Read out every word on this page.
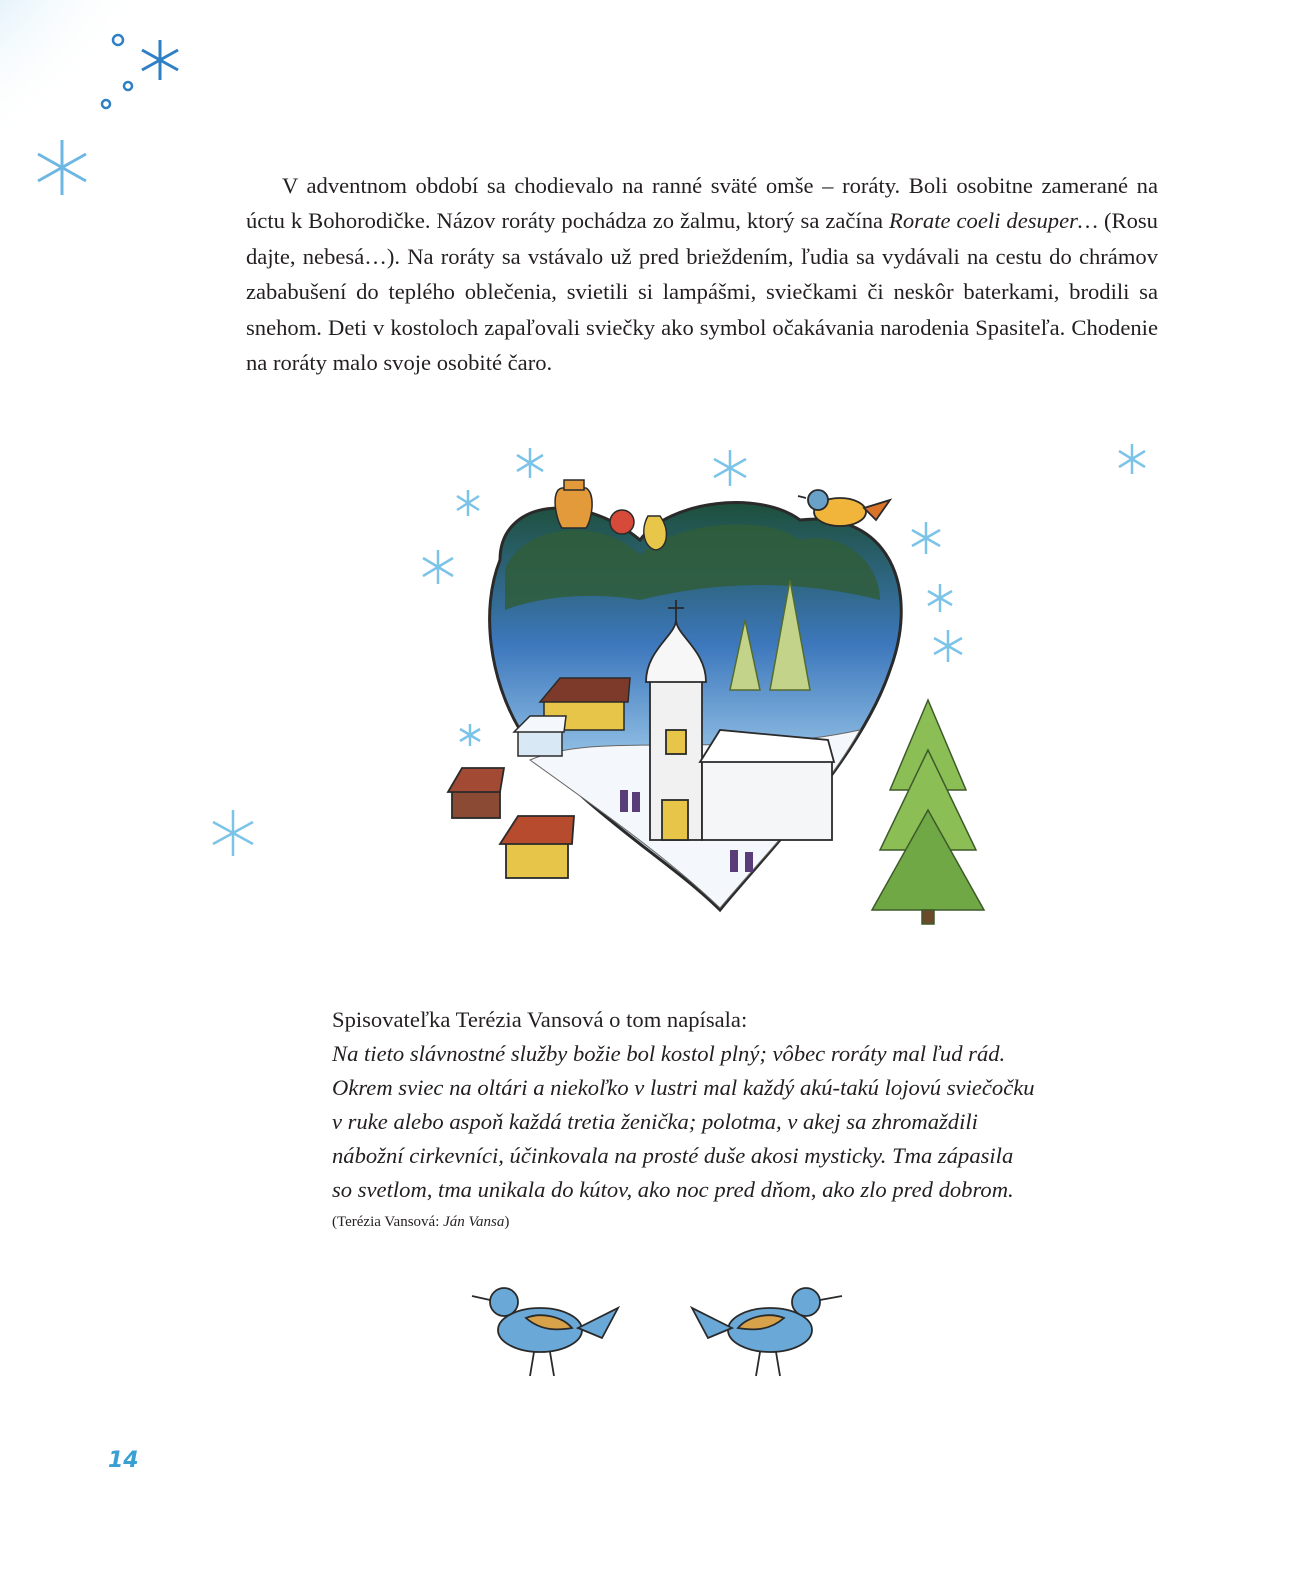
V adventnom období sa chodievalo na ranné sväté omše – roráty. Boli osobitne zamerané na úctu k Bohorodičke. Názov roráty pochádza zo žalmu, ktorý sa začína Rorate coeli desuper… (Rosu dajte, nebesá…). Na roráty sa vstávalo už pred brieždením, ľudia sa vydávali na cestu do chrámov zababušení do teplého oblečenia, svietili si lampášmi, sviečkami či neskôr baterkami, brodili sa snehom. Deti v kostoloch zapaľovali sviečky ako symbol očakávania narodenia Spasiteľa. Chodenie na roráty malo svoje osobité čaro.

Spisovateľka Terézia Vansová o tom napísala:

Na tieto slávnostné služby božie bol kostol plný; vôbec roráty mal ľud rád.
Okrem sviec na oltári a niekoľko v lustri mal každý akú-takú lojovú sviečočku
v ruke alebo aspoň každá tretia ženička; polotma, v akej sa zhromaždili
nábožní cirkevníci, účinkovala na prosté duše akosi mysticky. Tma zápasila
so svetlom, tma unikala do kútov, ako noc pred dňom, ako zlo pred dobrom.

(Terézia Vansová: Ján Vansa)

14
